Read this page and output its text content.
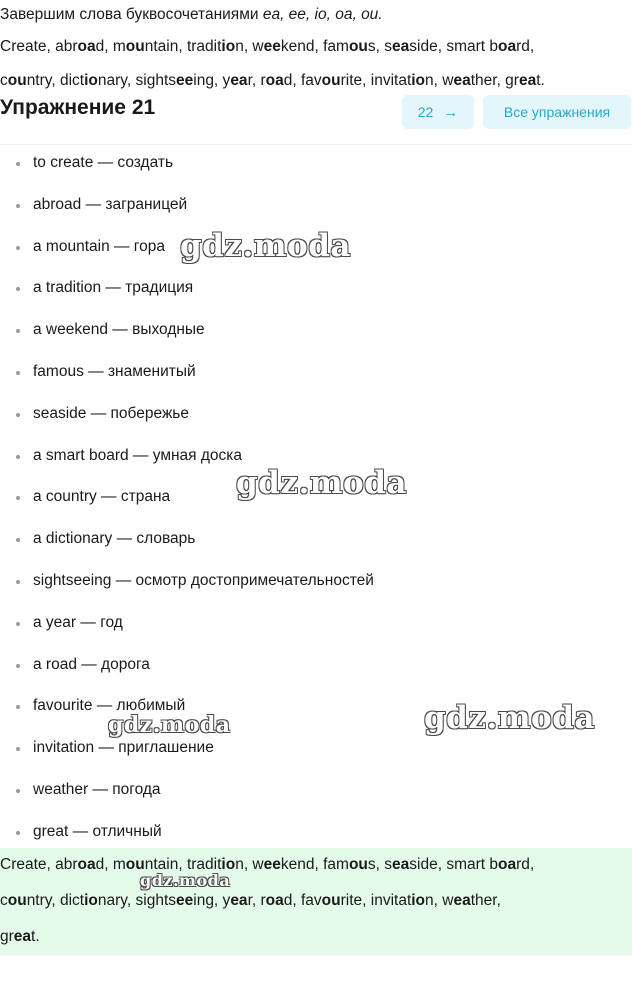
Завершим слова буквосочетаниями ea, ee, io, oa, ou.
Create, abroad, mountain, tradition, weekend, famous, seaside, smart board,
country, dictionary, sightseeing, year, road, favourite, invitation, weather, great.
Упражнение 21	22 →	Все упражнения
to create — создать
abroad — заграницей
a mountain — гора
a tradition — традиция
a weekend — выходные
famous — знаменитый
seaside — побережье
a smart board — умная доска
a country — страна
a dictionary — словарь
sightseeing — осмотр достопримечательностей
a year — год
a road — дорога
favourite — любимый
invitation — приглашение
weather — погода
great — отличный
Create, abroad, mountain, tradition, weekend, famous, seaside, smart board,
country, dictionary, sightseeing, year, road, favourite, invitation, weather,
great.
gdz.moda
gdz.moda
gdz.moda	gdz.moda
gdz.moda
